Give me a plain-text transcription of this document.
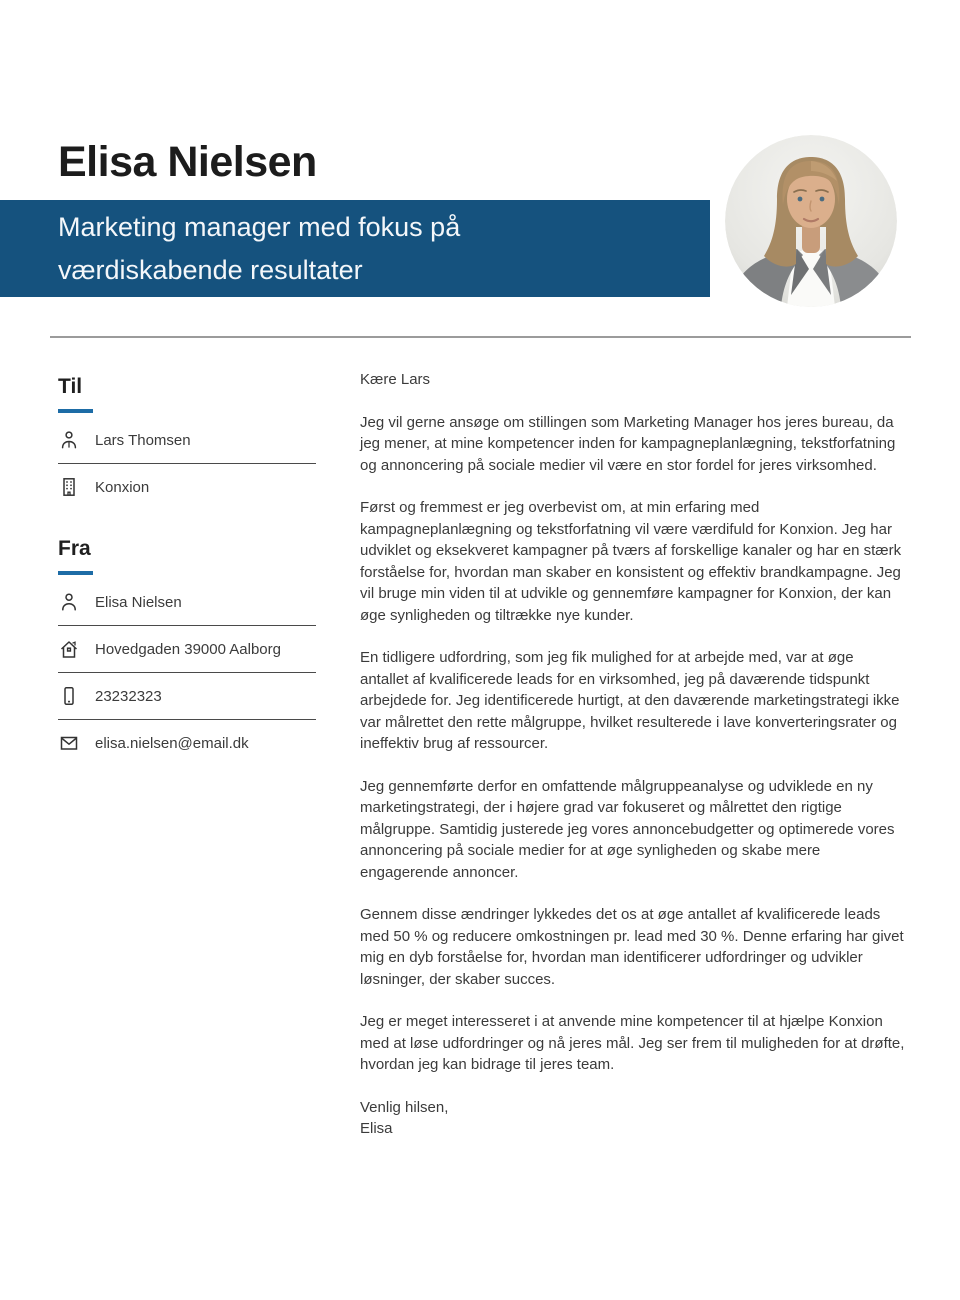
Elisa Nielsen
Marketing manager med fokus på
værdiskabende resultater
Til
Lars Thomsen
Konxion
Fra
Elisa Nielsen
Hovedgaden 39000 Aalborg
23232323
elisa.nielsen@email.dk

Kære Lars

Jeg vil gerne ansøge om stillingen som Marketing Manager hos jeres bureau, da jeg mener, at mine kompetencer inden for kampagneplanlægning, tekstforfatning og annoncering på sociale medier vil være en stor fordel for jeres virksomhed.

Først og fremmest er jeg overbevist om, at min erfaring med kampagneplanlægning og tekstforfatning vil være værdifuld for Konxion. Jeg har udviklet og eksekveret kampagner på tværs af forskellige kanaler og har en stærk forståelse for, hvordan man skaber en konsistent og effektiv brandkampagne. Jeg vil bruge min viden til at udvikle og gennemføre kampagner for Konxion, der kan øge synligheden og tiltrække nye kunder.

En tidligere udfordring, som jeg fik mulighed for at arbejde med, var at øge antallet af kvalificerede leads for en virksomhed, jeg på daværende tidspunkt arbejdede for. Jeg identificerede hurtigt, at den daværende marketingstrategi ikke var målrettet den rette målgruppe, hvilket resulterede i lave konverteringsrater og ineffektiv brug af ressourcer.

Jeg gennemførte derfor en omfattende målgruppeanalyse og udviklede en ny marketingstrategi, der i højere grad var fokuseret og målrettet den rigtige målgruppe. Samtidig justerede jeg vores annoncebudgetter og optimerede vores annoncering på sociale medier for at øge synligheden og skabe mere engagerende annoncer.

Gennem disse ændringer lykkedes det os at øge antallet af kvalificerede leads med 50 % og reducere omkostningen pr. lead med 30 %. Denne erfaring har givet mig en dyb forståelse for, hvordan man identificerer udfordringer og udvikler løsninger, der skaber succes.

Jeg er meget interesseret i at anvende mine kompetencer til at hjælpe Konxion med at løse udfordringer og nå jeres mål. Jeg ser frem til muligheden for at drøfte, hvordan jeg kan bidrage til jeres team.

Venlig hilsen,

Elisa
